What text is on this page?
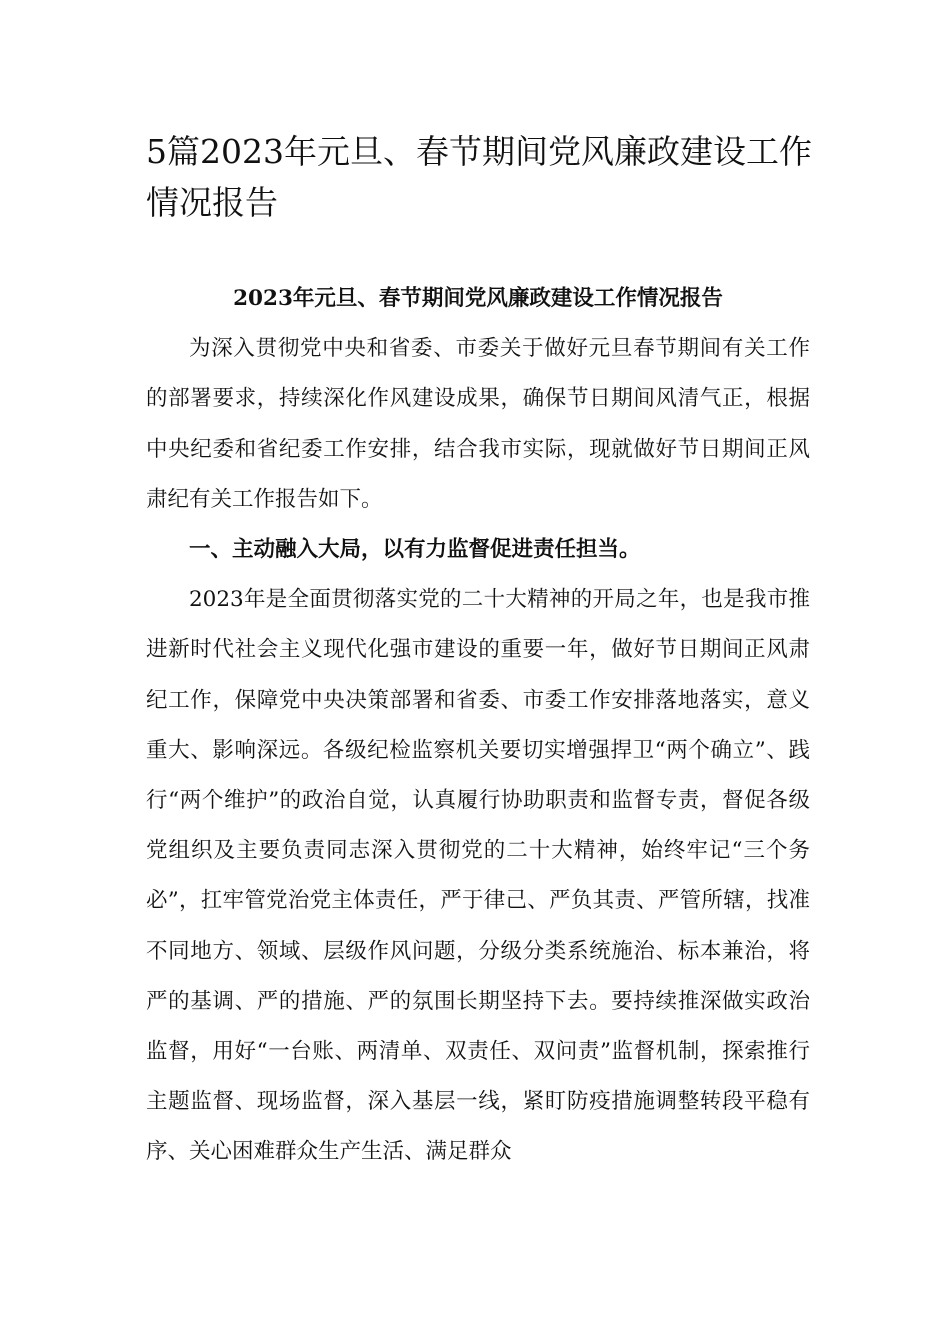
5篇2023年元旦、春节期间党风廉政建设工作情况报告

2023年元旦、春节期间党风廉政建设工作情况报告

为深入贯彻党中央和省委、市委关于做好元旦春节期间有关工作的部署要求，持续深化作风建设成果，确保节日期间风清气正，根据中央纪委和省纪委工作安排，结合我市实际，现就做好节日期间正风肃纪有关工作报告如下。

一、主动融入大局，以有力监督促进责任担当。

2023年是全面贯彻落实党的二十大精神的开局之年，也是我市推进新时代社会主义现代化强市建设的重要一年，做好节日期间正风肃纪工作，保障党中央决策部署和省委、市委工作安排落地落实，意义重大、影响深远。各级纪检监察机关要切实增强捍卫“两个确立”、践行“两个维护”的政治自觉，认真履行协助职责和监督专责，督促各级党组织及主要负责同志深入贯彻党的二十大精神，始终牢记“三个务必”，扛牢管党治党主体责任，严于律己、严负其责、严管所辖，找准不同地方、领域、层级作风问题，分级分类系统施治、标本兼治，将严的基调、严的措施、严的氛围长期坚持下去。要持续推深做实政治监督，用好“一台账、两清单、双责任、双问责”监督机制，探索推行主题监督、现场监督，深入基层一线，紧盯防疫措施调整转段平稳有序、关心困难群众生产生活、满足群众
